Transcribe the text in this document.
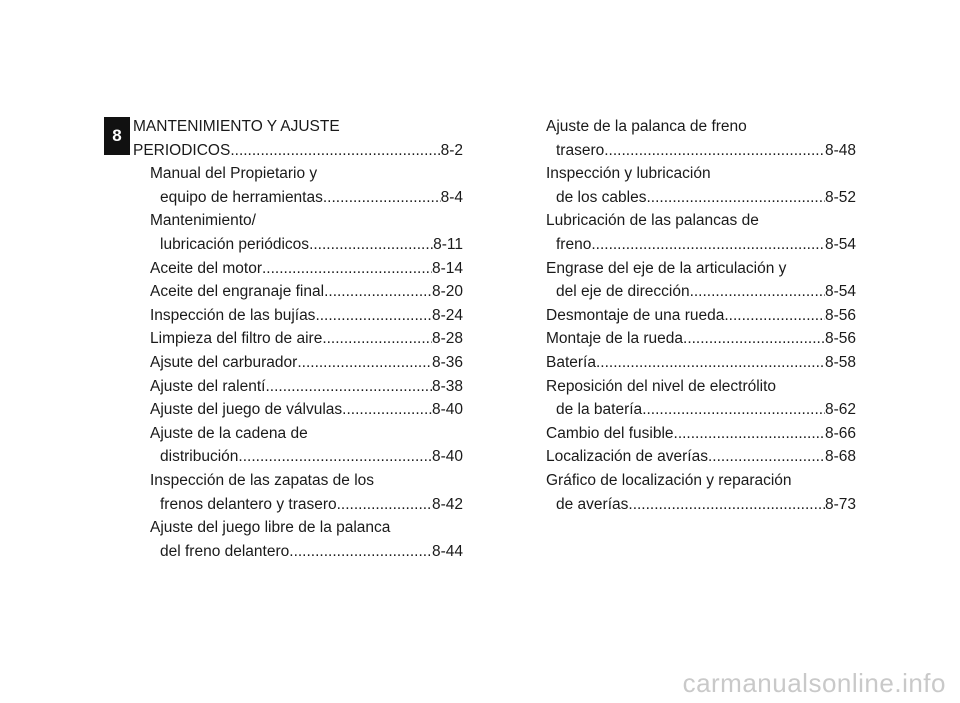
8 MANTENIMIENTO Y AJUSTE
PERIODICOS .....	8-2
Manual del Propietario y
equipo de herramientas .....	8-4
Mantenimiento/
lubricación periódicos .....	8-11
Aceite del motor .....	8-14
Aceite del engranaje final .....	8-20
Inspección de las bujías .....	8-24
Limpieza del filtro de aire .....	8-28
Ajsute del carburador .....	8-36
Ajuste del ralentí .....	8-38
Ajuste del juego de válvulas .....	8-40
Ajuste de la cadena de
distribución .....	8-40
Inspección de las zapatas de los
frenos delantero y trasero .....	8-42
Ajuste del juego libre de la palanca
del freno delantero .....	8-44
Ajuste de la palanca de freno
trasero .....	8-48
Inspección y lubricación
de los cables .....	8-52
Lubricación de las palancas de
freno .....	8-54
Engrase del eje de la articulación y
del eje de dirección .....	8-54
Desmontaje de una rueda .....	8-56
Montaje de la rueda .....	8-56
Batería .....	8-58
Reposición del nivel de electrólito
de la batería .....	8-62
Cambio del fusible .....	8-66
Localización de averías .....	8-68
Gráfico de localización y reparación
de averías .....	8-73
carmanualsonline.info
